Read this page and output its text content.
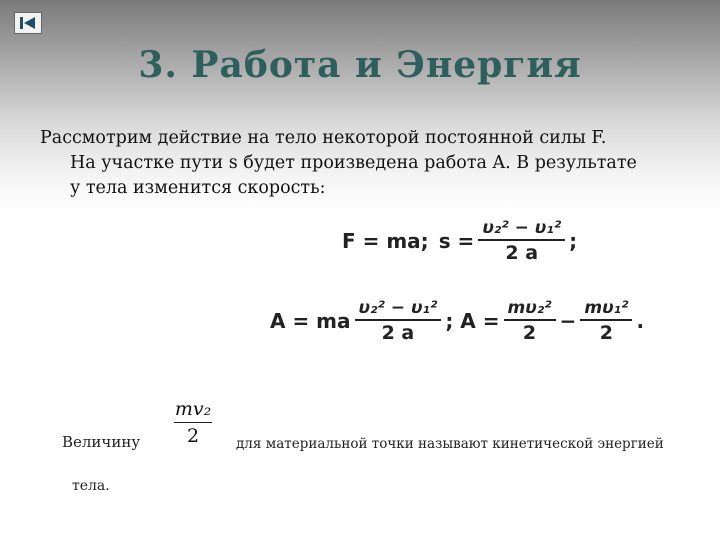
3. Работа и Энергия
Рассмотрим действие на тело некоторой постоянной силы F.
На участке пути s будет произведена работа A. В результате
у тела изменится скорость:
F = ma; $s = \frac{\text{υ₂² − υ₁²}}{2 a}$ ;
A = ma $\frac{\text{υ₂² − υ₁²}}{2 a}$ ; $A = \frac{\text{mυ₂²}}{2} - \frac{\text{mυ₁²}}{2}$ .
Величину
mv₂
2	для материальной точки называют кинетической энергией
тела.
